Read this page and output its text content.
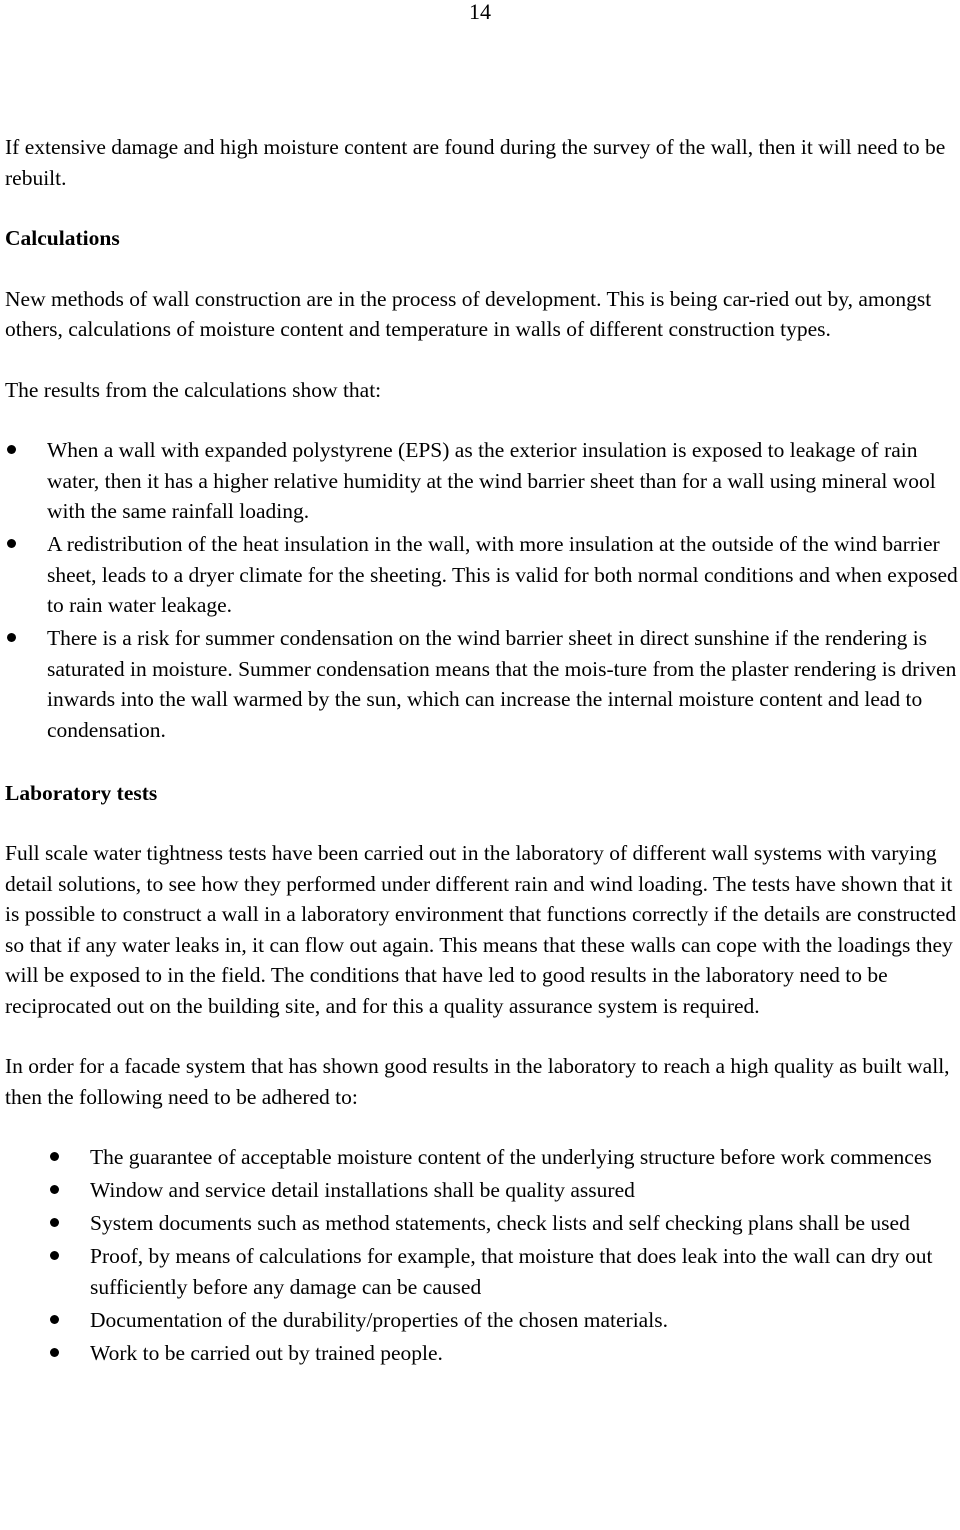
14

If extensive damage and high moisture content are found during the survey of the wall, then it will need to be rebuilt.

Calculations

New methods of wall construction are in the process of development. This is being car-ried out by, amongst others, calculations of moisture content and temperature in walls of different construction types.

The results from the calculations show that:

When a wall with expanded polystyrene (EPS) as the exterior insulation is exposed to leakage of rain water, then it has a higher relative humidity at the wind barrier sheet than for a wall using mineral wool with the same rainfall loading.
A redistribution of the heat insulation in the wall, with more insulation at the outside of the wind barrier sheet, leads to a dryer climate for the sheeting. This is valid for both normal conditions and when exposed to rain water leakage.
There is a risk for summer condensation on the wind barrier sheet in direct sunshine if the rendering is saturated in moisture. Summer condensation means that the mois-ture from the plaster rendering is driven inwards into the wall warmed by the sun, which can increase the internal moisture content and lead to condensation.

Laboratory tests

Full scale water tightness tests have been carried out in the laboratory of different wall systems with varying detail solutions, to see how they performed under different rain and wind loading. The tests have shown that it is possible to construct a wall in a laboratory environment that functions correctly if the details are constructed so that if any water leaks in, it can flow out again. This means that these walls can cope with the loadings they will be exposed to in the field. The conditions that have led to good results in the laboratory need to be reciprocated out on the building site, and for this a quality assurance system is required.

In order for a facade system that has shown good results in the laboratory to reach a high quality as built wall, then the following need to be adhered to:

The guarantee of acceptable moisture content of the underlying structure before work commences
Window and service detail installations shall be quality assured
System documents such as method statements, check lists and self checking plans shall be used
Proof, by means of calculations for example, that moisture that does leak into the wall can dry out sufficiently before any damage can be caused
Documentation of the durability/properties of the chosen materials.
Work to be carried out by trained people.
